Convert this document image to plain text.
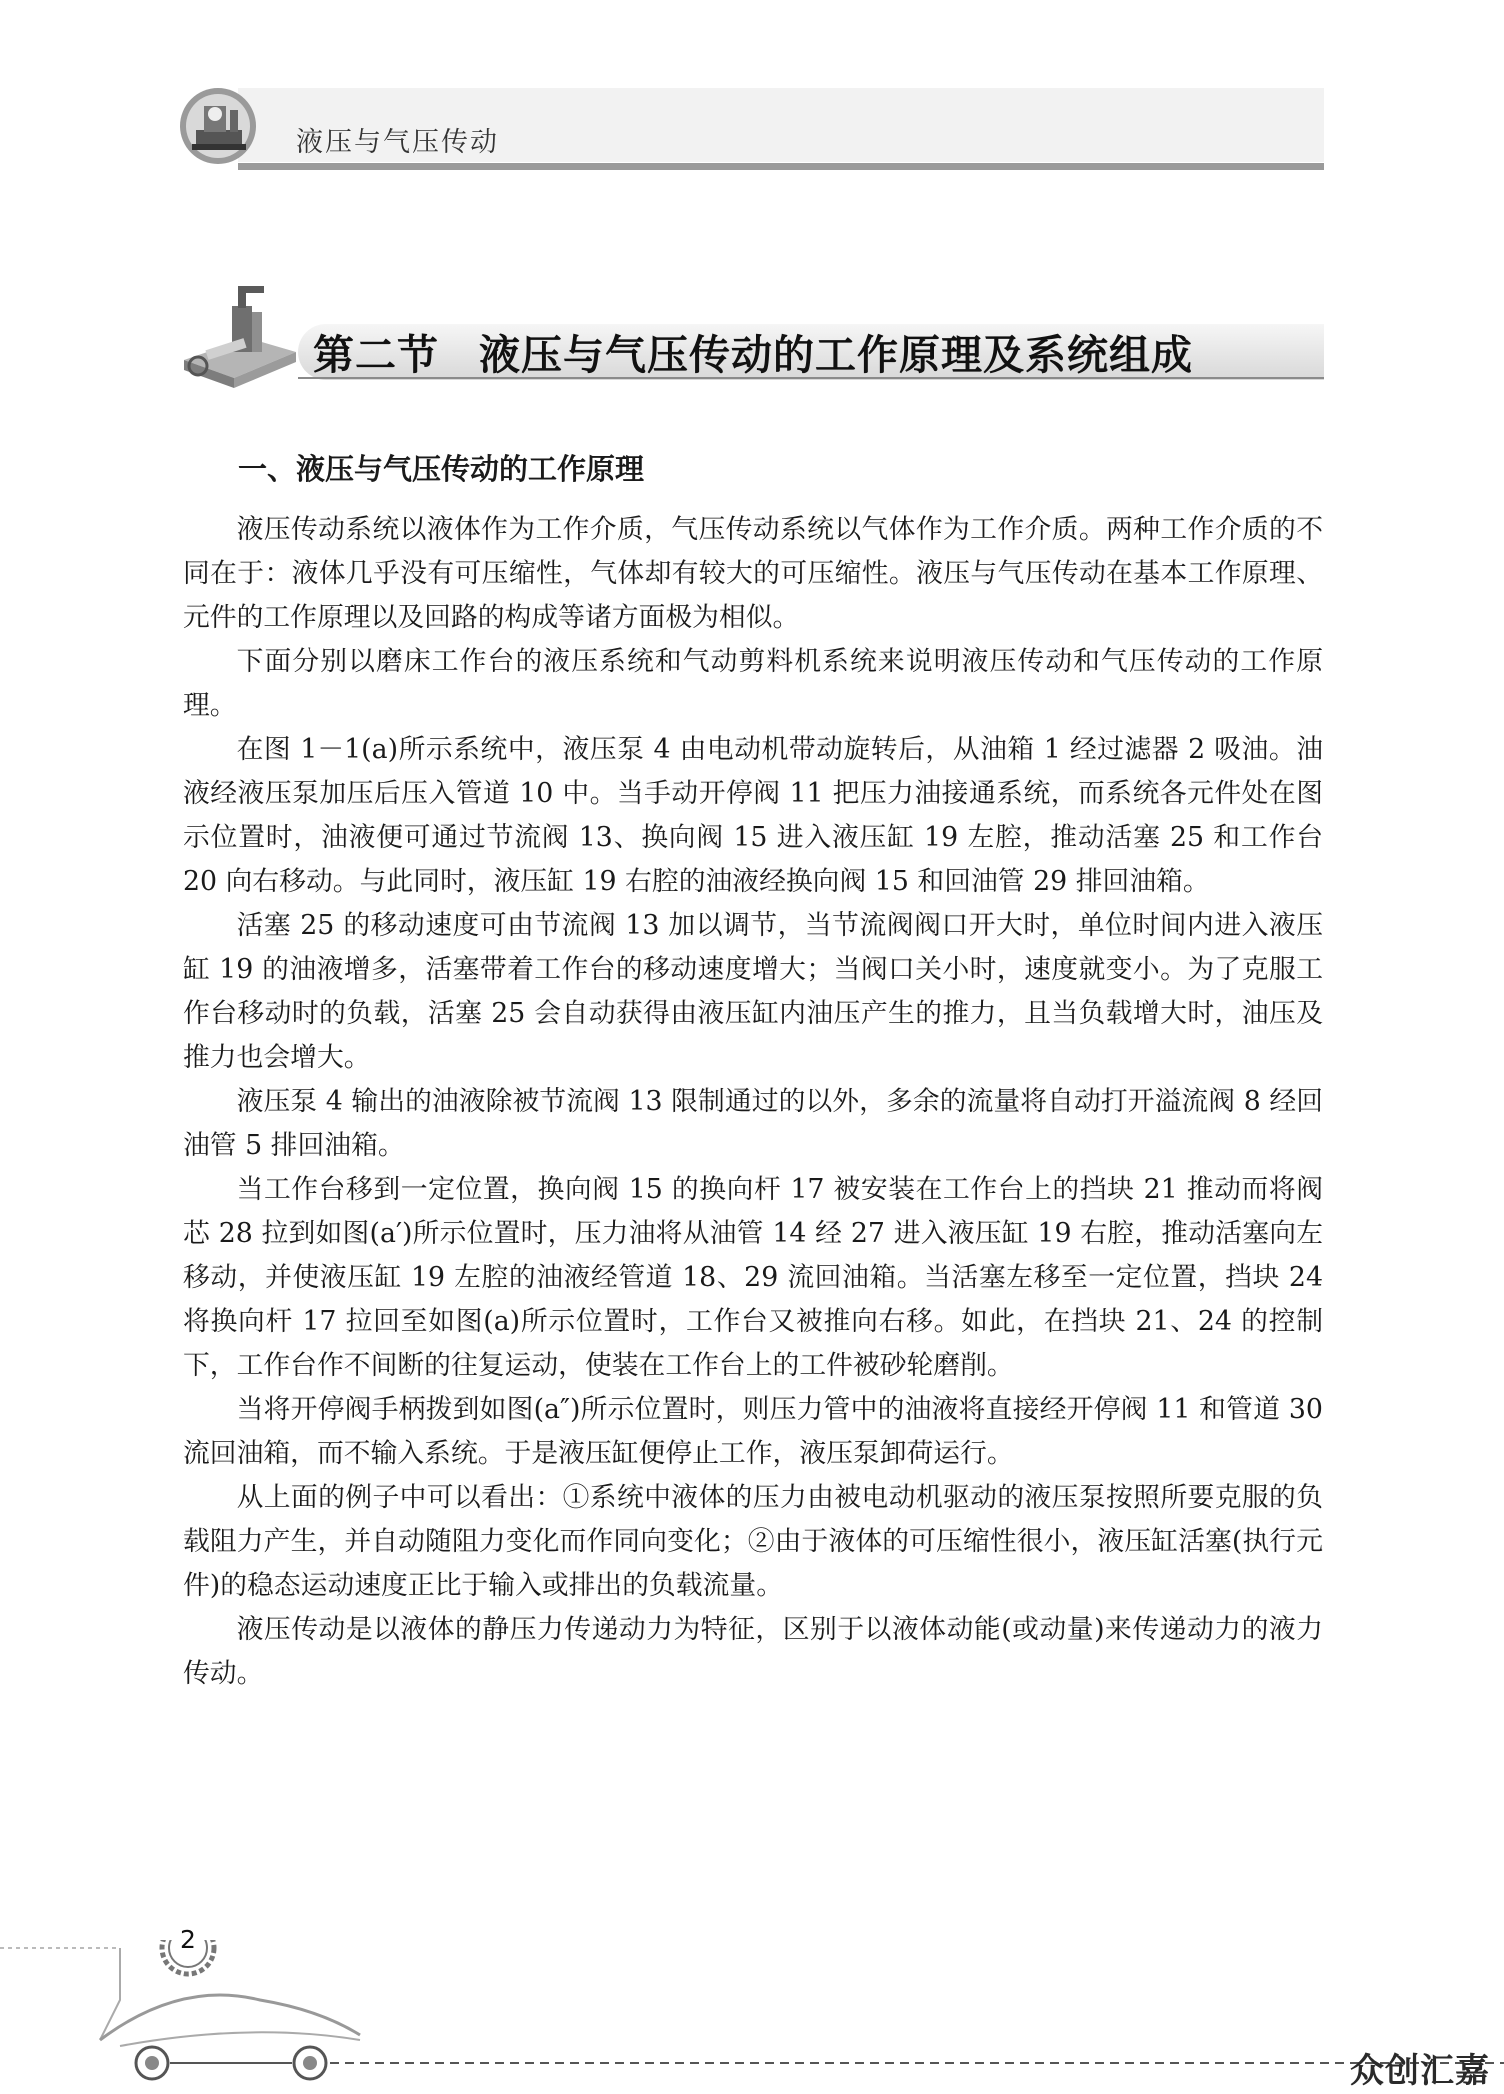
液压与气压传动
第二节 液压与气压传动的工作原理及系统组成
一、液压与气压传动的工作原理

液压传动系统以液体作为工作介质，气压传动系统以气体作为工作介质。两种工作介质的不同在于：液体几乎没有可压缩性，气体却有较大的可压缩性。液压与气压传动在基本工作原理、元件的工作原理以及回路的构成等诸方面极为相似。

下面分别以磨床工作台的液压系统和气动剪料机系统来说明液压传动和气压传动的工作原理。

在图 1－1(a)所示系统中，液压泵 4 由电动机带动旋转后，从油箱 1 经过滤器 2 吸油。油液经液压泵加压后压入管道 10 中。当手动开停阀 11 把压力油接通系统，而系统各元件处在图示位置时，油液便可通过节流阀 13、换向阀 15 进入液压缸 19 左腔，推动活塞 25 和工作台 20 向右移动。与此同时，液压缸 19 右腔的油液经换向阀 15 和回油管 29 排回油箱。

活塞 25 的移动速度可由节流阀 13 加以调节，当节流阀阀口开大时，单位时间内进入液压缸 19 的油液增多，活塞带着工作台的移动速度增大；当阀口关小时，速度就变小。为了克服工作台移动时的负载，活塞 25 会自动获得由液压缸内油压产生的推力，且当负载增大时，油压及推力也会增大。

液压泵 4 输出的油液除被节流阀 13 限制通过的以外，多余的流量将自动打开溢流阀 8 经回油管 5 排回油箱。

当工作台移到一定位置，换向阀 15 的换向杆 17 被安装在工作台上的挡块 21 推动而将阀芯 28 拉到如图(a′)所示位置时，压力油将从油管 14 经 27 进入液压缸 19 右腔，推动活塞向左移动，并使液压缸 19 左腔的油液经管道 18、29 流回油箱。当活塞左移至一定位置，挡块 24 将换向杆 17 拉回至如图(a)所示位置时，工作台又被推向右移。如此，在挡块 21、24 的控制下，工作台作不间断的往复运动，使装在工作台上的工件被砂轮磨削。

当将开停阀手柄拨到如图(a″)所示位置时，则压力管中的油液将直接经开停阀 11 和管道 30 流回油箱，而不输入系统。于是液压缸便停止工作，液压泵卸荷运行。

从上面的例子中可以看出：①系统中液体的压力由被电动机驱动的液压泵按照所要克服的负载阻力产生，并自动随阻力变化而作同向变化；②由于液体的可压缩性很小，液压缸活塞(执行元件)的稳态运动速度正比于输入或排出的负载流量。

液压传动是以液体的静压力传递动力为特征，区别于以液体动能(或动量)来传递动力的液力传动。

2
众创汇嘉
